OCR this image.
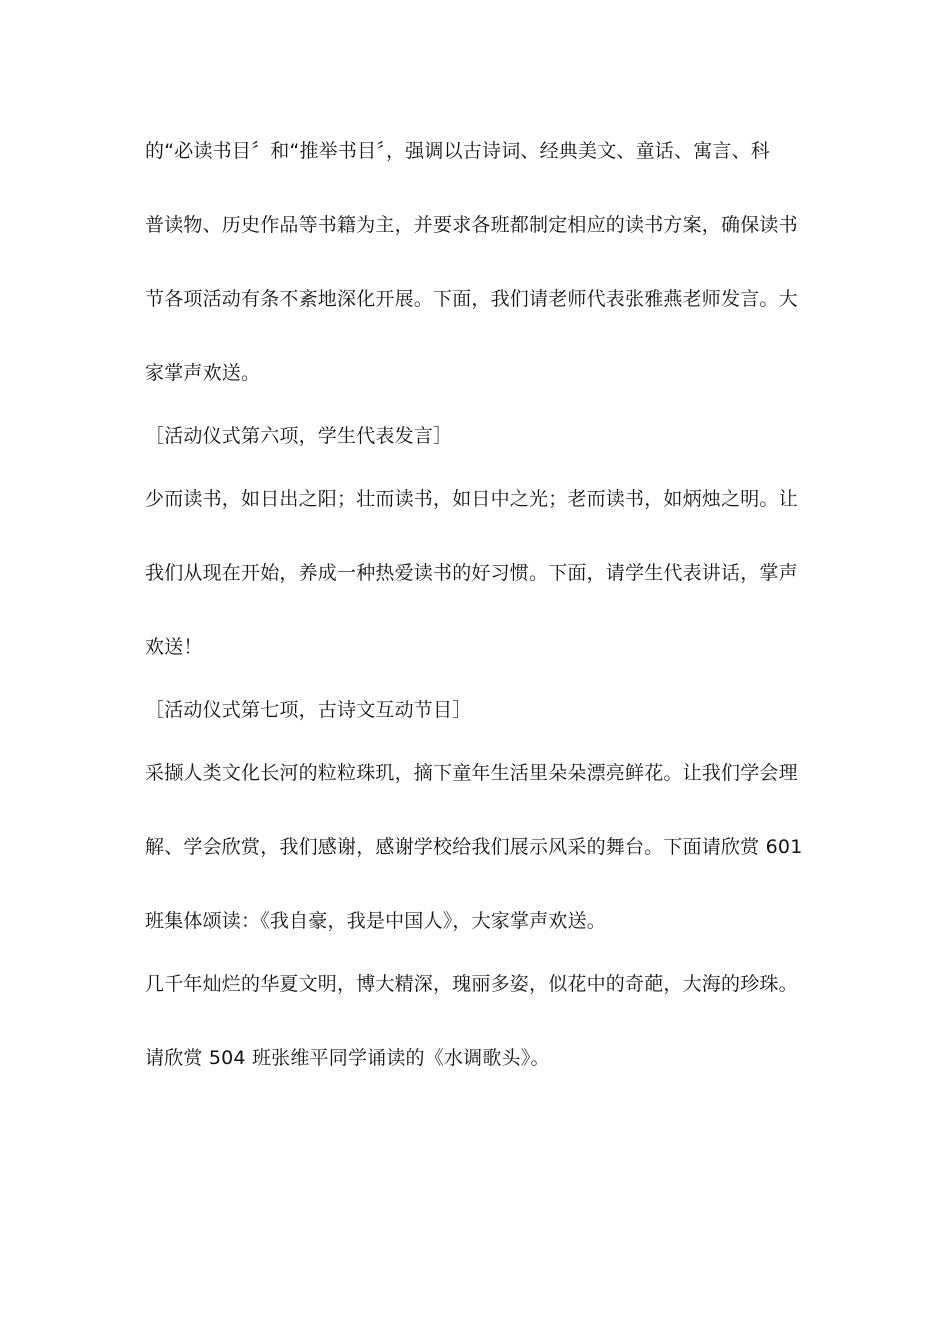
的“必读书目〞和“推举书目〞，强调以古诗词、经典美文、童话、寓言、科
普读物、历史作品等书籍为主，并要求各班都制定相应的读书方案，确保读书
节各项活动有条不紊地深化开展。下面，我们请老师代表张雅燕老师发言。大
家掌声欢送。
［活动仪式第六项，学生代表发言］
少而读书，如日出之阳；壮而读书，如日中之光；老而读书，如炳烛之明。让
我们从现在开始，养成一种热爱读书的好习惯。下面，请学生代表讲话，掌声
欢送！
［活动仪式第七项，古诗文互动节目］
采撷人类文化长河的粒粒珠玑，摘下童年生活里朵朵漂亮鲜花。让我们学会理
解、学会欣赏，我们感谢，感谢学校给我们展示风采的舞台。下面请欣赏 601
班集体颂读：《我自豪，我是中国人》，大家掌声欢送。
几千年灿烂的华夏文明，博大精深，瑰丽多姿，似花中的奇葩，大海的珍珠。
请欣赏 504 班张维平同学诵读的《水调歌头》。
